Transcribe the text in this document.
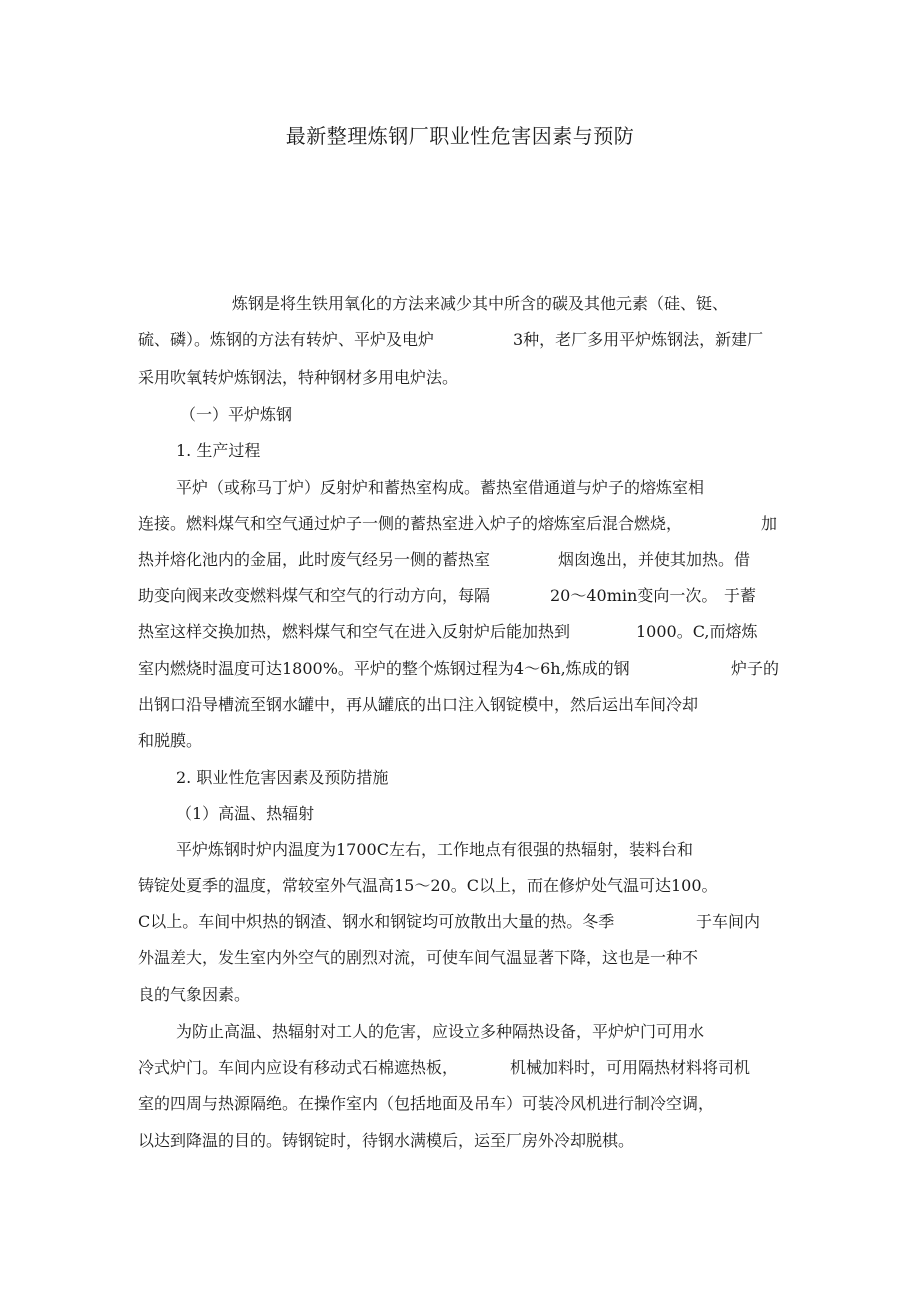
最新整理炼钢厂职业性危害因素与预防
炼钢是将生铁用氧化的方法来减少其中所含的碳及其他元素（硅、铤、
硫、磷）。炼钢的方法有转炉、平炉及电炉	3种，老厂多用平炉炼钢法，新建厂
采用吹氧转炉炼钢法，特种钢材多用电炉法。
（一）平炉炼钢
1. 生产过程
平炉（或称马丁炉）反射炉和蓄热室构成。蓄热室借通道与炉子的熔炼室相
连接。燃料煤气和空气通过炉子一侧的蓄热室进入炉子的熔炼室后混合燃烧，	加
热并熔化池内的金届，此时废气经另一侧的蓄热室	烟囱逸出，并使其加热。借
助变向阀来改变燃料煤气和空气的行动方向，每隔	20～40min变向一次。 于蓄
热室这样交换加热，燃料煤气和空气在进入反射炉后能加热到	1000。C,而熔炼
室内燃烧时温度可达1800%。平炉的整个炼钢过程为4～6h,炼成的钢	炉子的
出钢口沿导槽流至钢水罐中，再从罐底的出口注入钢锭模中，然后运出车间冷却
和脱膜。
2. 职业性危害因素及预防措施
（1）高温、热辐射
平炉炼钢时炉内温度为1700C左右，工作地点有很强的热辐射，装料台和
铸锭处夏季的温度，常较室外气温高15～20。C以上，而在修炉处气温可达100。
C以上。车间中炽热的钢渣、钢水和钢锭均可放散出大量的热。冬季	于车间内
外温差大，发生室内外空气的剧烈对流，可使车间气温显著下降，这也是一种不
良的气象因素。
为防止高温、热辐射对工人的危害，应设立多种隔热设备，平炉炉门可用水
冷式炉门。车间内应设有移动式石棉遮热板，	机械加料时，可用隔热材料将司机
室的四周与热源隔绝。在操作室内（包括地面及吊车）可装冷风机进行制冷空调，
以达到降温的目的。铸钢锭时，待钢水满模后，运至厂房外冷却脱棋。
